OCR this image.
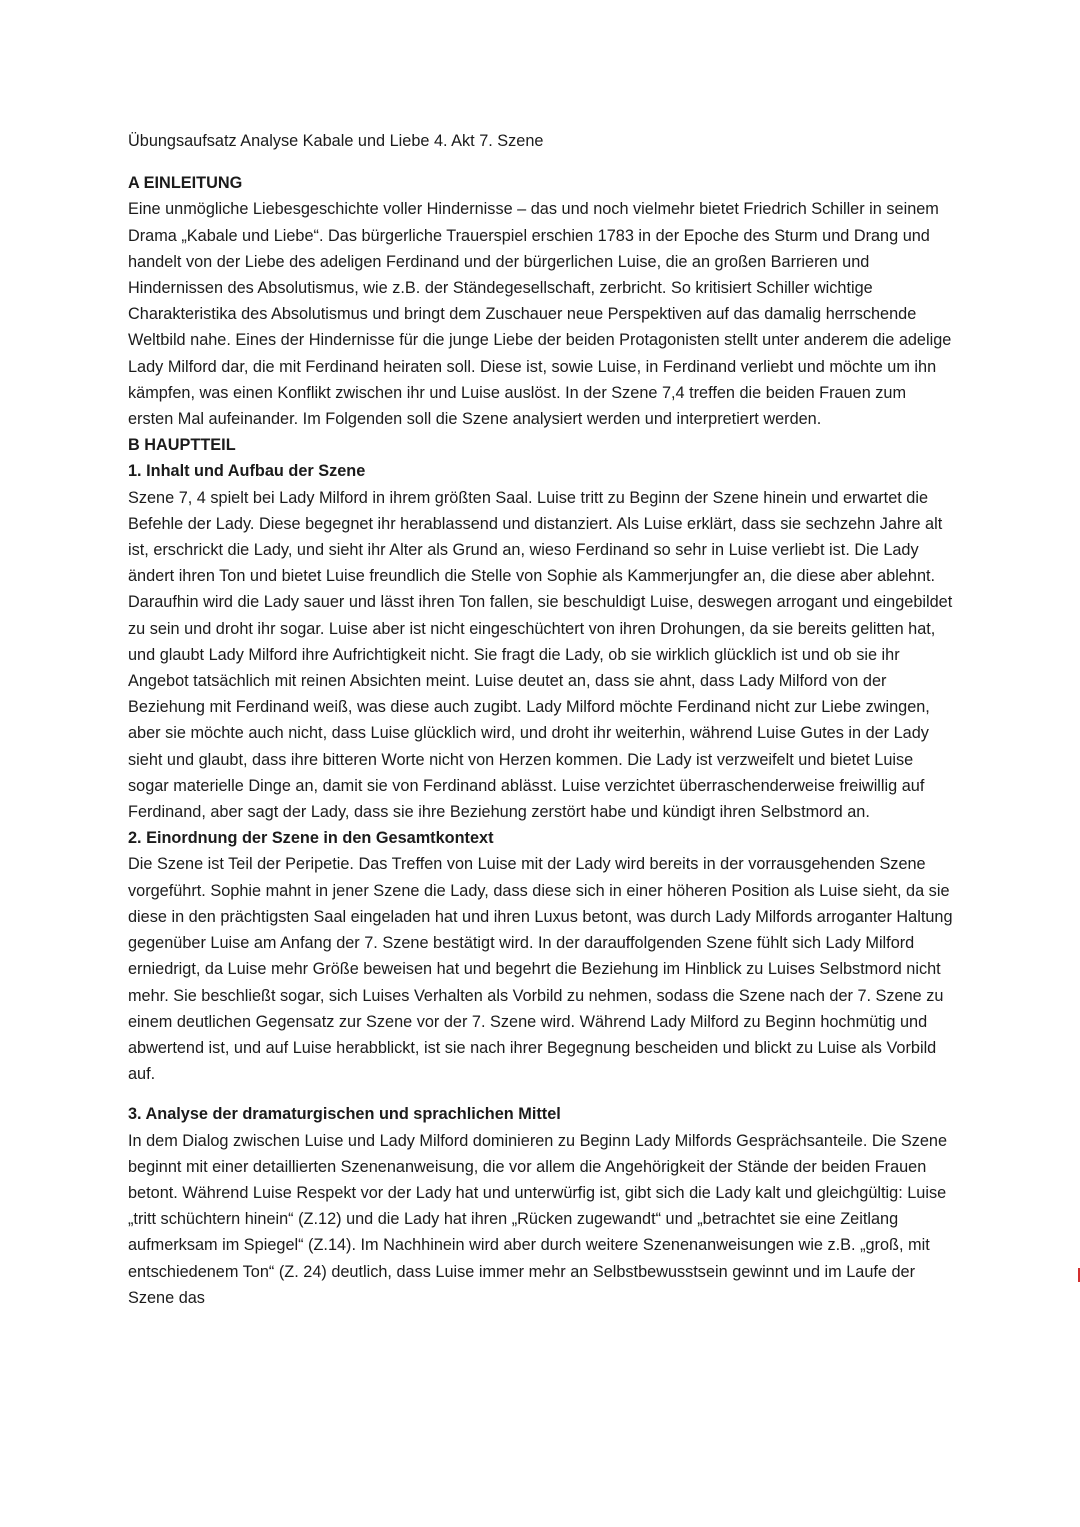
Übungsaufsatz Analyse Kabale und Liebe 4. Akt 7. Szene

A EINLEITUNG

Eine unmögliche Liebesgeschichte voller Hindernisse – das und noch vielmehr bietet Friedrich Schiller in seinem Drama „Kabale und Liebe“. Das bürgerliche Trauerspiel erschien 1783 in der Epoche des Sturm und Drang und handelt von der Liebe des adeligen Ferdinand und der bürgerlichen Luise, die an großen Barrieren und Hindernissen des Absolutismus, wie z.B. der Ständegesellschaft, zerbricht. So kritisiert Schiller wichtige Charakteristika des Absolutismus und bringt dem Zuschauer neue Perspektiven auf das damalig herrschende Weltbild nahe. Eines der Hindernisse für die junge Liebe der beiden Protagonisten stellt unter anderem die adelige Lady Milford dar, die mit Ferdinand heiraten soll. Diese ist, sowie Luise, in Ferdinand verliebt und möchte um ihn kämpfen, was einen Konflikt zwischen ihr und Luise auslöst. In der Szene 7,4 treffen die beiden Frauen zum ersten Mal aufeinander. Im Folgenden soll die Szene analysiert werden und interpretiert werden.

B HAUPTTEIL

1. Inhalt und Aufbau der Szene

Szene 7, 4 spielt bei Lady Milford in ihrem größten Saal. Luise tritt zu Beginn der Szene hinein und erwartet die Befehle der Lady. Diese begegnet ihr herablassend und distanziert. Als Luise erklärt, dass sie sechzehn Jahre alt ist, erschrickt die Lady, und sieht ihr Alter als Grund an, wieso Ferdinand so sehr in Luise verliebt ist. Die Lady ändert ihren Ton und bietet Luise freundlich die Stelle von Sophie als Kammerjungfer an, die diese aber ablehnt. Daraufhin wird die Lady sauer und lässt ihren Ton fallen, sie beschuldigt Luise, deswegen arrogant und eingebildet zu sein und droht ihr sogar. Luise aber ist nicht eingeschüchtert von ihren Drohungen, da sie bereits gelitten hat, und glaubt Lady Milford ihre Aufrichtigkeit nicht. Sie fragt die Lady, ob sie wirklich glücklich ist und ob sie ihr Angebot tatsächlich mit reinen Absichten meint. Luise deutet an, dass sie ahnt, dass Lady Milford von der Beziehung mit Ferdinand weiß, was diese auch zugibt. Lady Milford möchte Ferdinand nicht zur Liebe zwingen, aber sie möchte auch nicht, dass Luise glücklich wird, und droht ihr weiterhin, während Luise Gutes in der Lady sieht und glaubt, dass ihre bitteren Worte nicht von Herzen kommen. Die Lady ist verzweifelt und bietet Luise sogar materielle Dinge an, damit sie von Ferdinand ablässt. Luise verzichtet überraschenderweise freiwillig auf Ferdinand, aber sagt der Lady, dass sie ihre Beziehung zerstört habe und kündigt ihren Selbstmord an.

2. Einordnung der Szene in den Gesamtkontext

Die Szene ist Teil der Peripetie. Das Treffen von Luise mit der Lady wird bereits in der vorrausgehenden Szene vorgeführt. Sophie mahnt in jener Szene die Lady, dass diese sich in einer höheren Position als Luise sieht, da sie diese in den prächtigsten Saal eingeladen hat und ihren Luxus betont, was durch Lady Milfords arroganter Haltung gegenüber Luise am Anfang der 7. Szene bestätigt wird. In der darauffolgenden Szene fühlt sich Lady Milford erniedrigt, da Luise mehr Größe beweisen hat und begehrt die Beziehung im Hinblick zu Luises Selbstmord nicht mehr. Sie beschließt sogar, sich Luises Verhalten als Vorbild zu nehmen, sodass die Szene nach der 7. Szene zu einem deutlichen Gegensatz zur Szene vor der 7. Szene wird. Während Lady Milford zu Beginn hochmütig und abwertend ist, und auf Luise herabblickt, ist sie nach ihrer Begegnung bescheiden und blickt zu Luise als Vorbild auf.

3. Analyse der dramaturgischen und sprachlichen Mittel

In dem Dialog zwischen Luise und Lady Milford dominieren zu Beginn Lady Milfords Gesprächsanteile. Die Szene beginnt mit einer detaillierten Szenenanweisung, die vor allem die Angehörigkeit der Stände der beiden Frauen betont. Während Luise Respekt vor der Lady hat und unterwürfig ist, gibt sich die Lady kalt und gleichgültig: Luise „tritt schüchtern hinein“ (Z.12) und die Lady hat ihren „Rücken zugewandt“ und „betrachtet sie eine Zeitlang aufmerksam im Spiegel“ (Z.14). Im Nachhinein wird aber durch weitere Szenenanweisungen wie z.B. „groß, mit entschiedenem Ton“ (Z. 24) deutlich, dass Luise immer mehr an Selbstbewusstsein gewinnt und im Laufe der Szene das
